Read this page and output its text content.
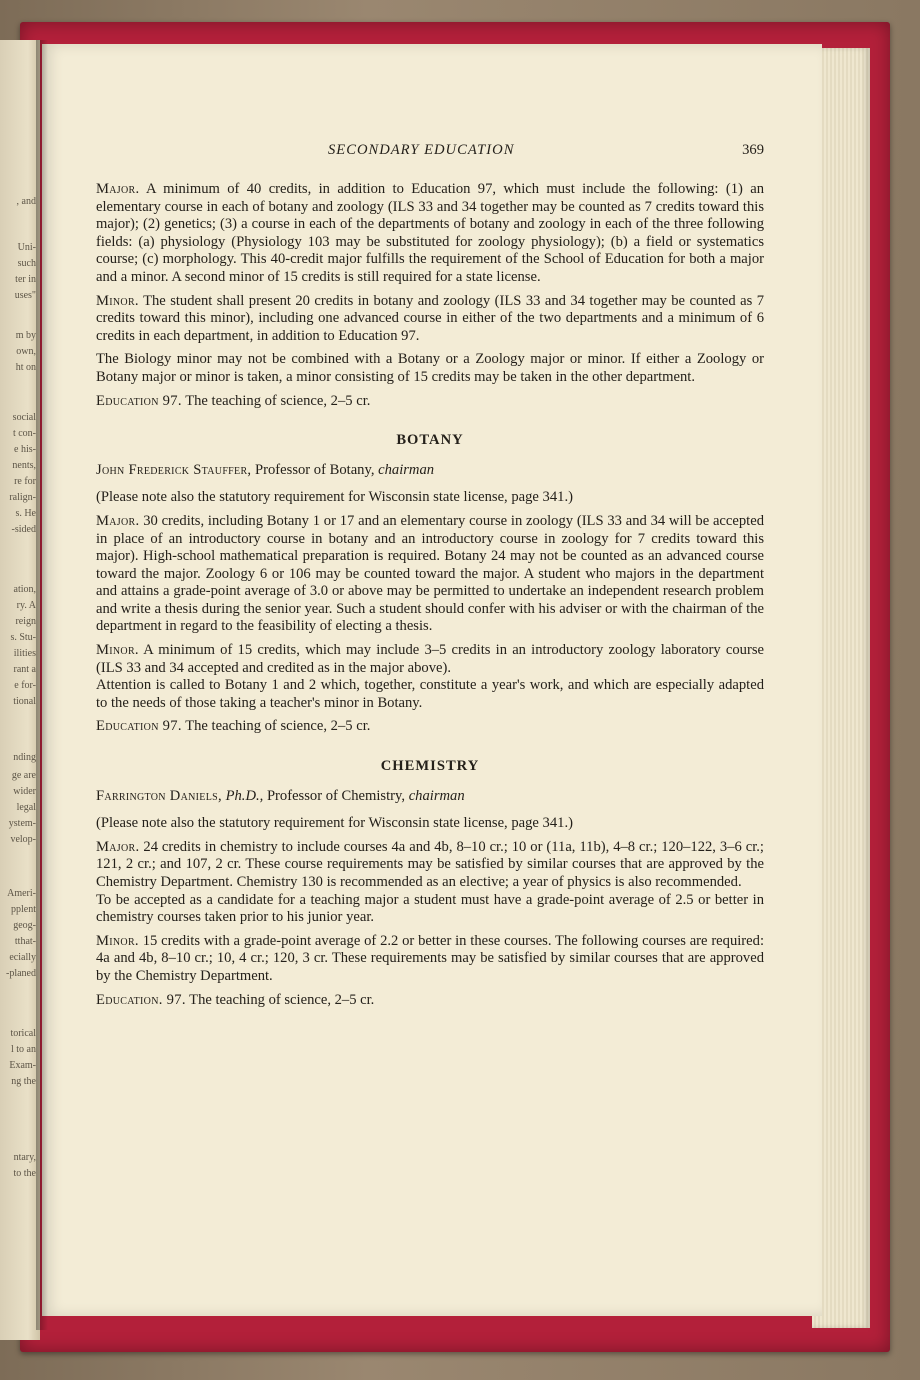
, and
Uni-
such
ter in
uses"
m by
own,
ht on
social
t con-
e his-
nents,
re for
ralign-
s. He
-sided
ation,
ry. A
reign
s. Stu-
ilities
rant a
e for-
tional
nding
ge are
wider
legal
ystem-
velop-
Ameri-
pplent
geog-
tthat-
ecially
-planed
torical
l to an
Exam-
ng the
ntary,
to the
SECONDARY EDUCATION	369

Major. A minimum of 40 credits, in addition to Education 97, which must include the following: (1) an elementary course in each of botany and zoology (ILS 33 and 34 together may be counted as 7 credits toward this major); (2) genetics; (3) a course in each of the departments of botany and zoology in each of the three following fields: (a) physiology (Physiology 103 may be substituted for zoology physiology); (b) a field or systematics course; (c) morphology. This 40-credit major fulfills the requirement of the School of Education for both a major and a minor. A second minor of 15 credits is still required for a state license.

Minor. The student shall present 20 credits in botany and zoology (ILS 33 and 34 together may be counted as 7 credits toward this minor), including one advanced course in either of the two departments and a minimum of 6 credits in each department, in addition to Education 97.

The Biology minor may not be combined with a Botany or a Zoology major or minor. If either a Zoology or Botany major or minor is taken, a minor consisting of 15 credits may be taken in the other department.

Education 97. The teaching of science, 2–5 cr.

BOTANY

John Frederick Stauffer, Professor of Botany, chairman

(Please note also the statutory requirement for Wisconsin state license, page 341.)

Major. 30 credits, including Botany 1 or 17 and an elementary course in zoology (ILS 33 and 34 will be accepted in place of an introductory course in botany and an introductory course in zoology for 7 credits toward this major). High-school mathematical preparation is required. Botany 24 may not be counted as an advanced course toward the major. Zoology 6 or 106 may be counted toward the major. A student who majors in the department and attains a grade-point average of 3.0 or above may be permitted to undertake an independent research problem and write a thesis during the senior year. Such a student should confer with his adviser or with the chairman of the department in regard to the feasibility of electing a thesis.

Minor. A minimum of 15 credits, which may include 3–5 credits in an introductory zoology laboratory course (ILS 33 and 34 accepted and credited as in the major above).

Attention is called to Botany 1 and 2 which, together, constitute a year's work, and which are especially adapted to the needs of those taking a teacher's minor in Botany.

Education 97. The teaching of science, 2–5 cr.

CHEMISTRY

Farrington Daniels, Ph.D., Professor of Chemistry, chairman

(Please note also the statutory requirement for Wisconsin state license, page 341.)

Major. 24 credits in chemistry to include courses 4a and 4b, 8–10 cr.; 10 or (11a, 11b), 4–8 cr.; 120–122, 3–6 cr.; 121, 2 cr.; and 107, 2 cr. These course requirements may be satisfied by similar courses that are approved by the Chemistry Department. Chemistry 130 is recommended as an elective; a year of physics is also recommended.

To be accepted as a candidate for a teaching major a student must have a grade-point average of 2.5 or better in chemistry courses taken prior to his junior year.

Minor. 15 credits with a grade-point average of 2.2 or better in these courses. The following courses are required: 4a and 4b, 8–10 cr.; 10, 4 cr.; 120, 3 cr. These requirements may be satisfied by similar courses that are approved by the Chemistry Department.

Education. 97. The teaching of science, 2–5 cr.
